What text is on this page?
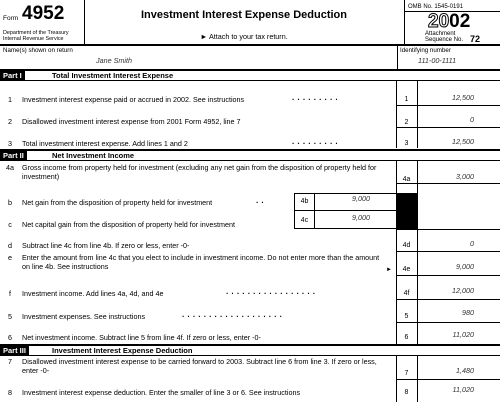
Form 4952
Department of the Treasury
Internal Revenue Service
Investment Interest Expense Deduction
► Attach to your tax return.
OMB No. 1545-0191
2002
Attachment
Sequence No. 72
Name(s) shown on return
Jane Smith
Identifying number
111-00-1111
Part I	Total Investment Interest Expense
1	Investment interest expense paid or accrued in 2002. See instructions	.........	1	12,500
2	Disallowed investment interest expense from 2001 Form 4952, line 7	2	0
3	Total investment interest expense. Add lines 1 and 2	.........	3	12,500
Part II	Net Investment Income
4a	Gross income from property held for investment (excluding any net gain from the disposition of property held for investment)	4a	3,000
b	Net gain from the disposition of property held for investment	..	4b	9,000
c	Net capital gain from the disposition of property held for investment	4c	9,000
d	Subtract line 4c from line 4b. If zero or less, enter -0-	4d	0
e	Enter the amount from line 4c that you elect to include in investment income. Do not enter more than the amount on line 4b. See instructions	►	4e	9,000
f	Investment income. Add lines 4a, 4d, and 4e	.................	4f	12,000
5	Investment expenses. See instructions	...................	5	980
6	Net investment income. Subtract line 5 from line 4f. If zero or less, enter -0-	6	11,020
Part III	Investment Interest Expense Deduction
7	Disallowed investment interest expense to be carried forward to 2003. Subtract line 6 from line 3. If zero or less, enter -0-	7	1,480
8	Investment interest expense deduction. Enter the smaller of line 3 or 6. See instructions	8	11,020
